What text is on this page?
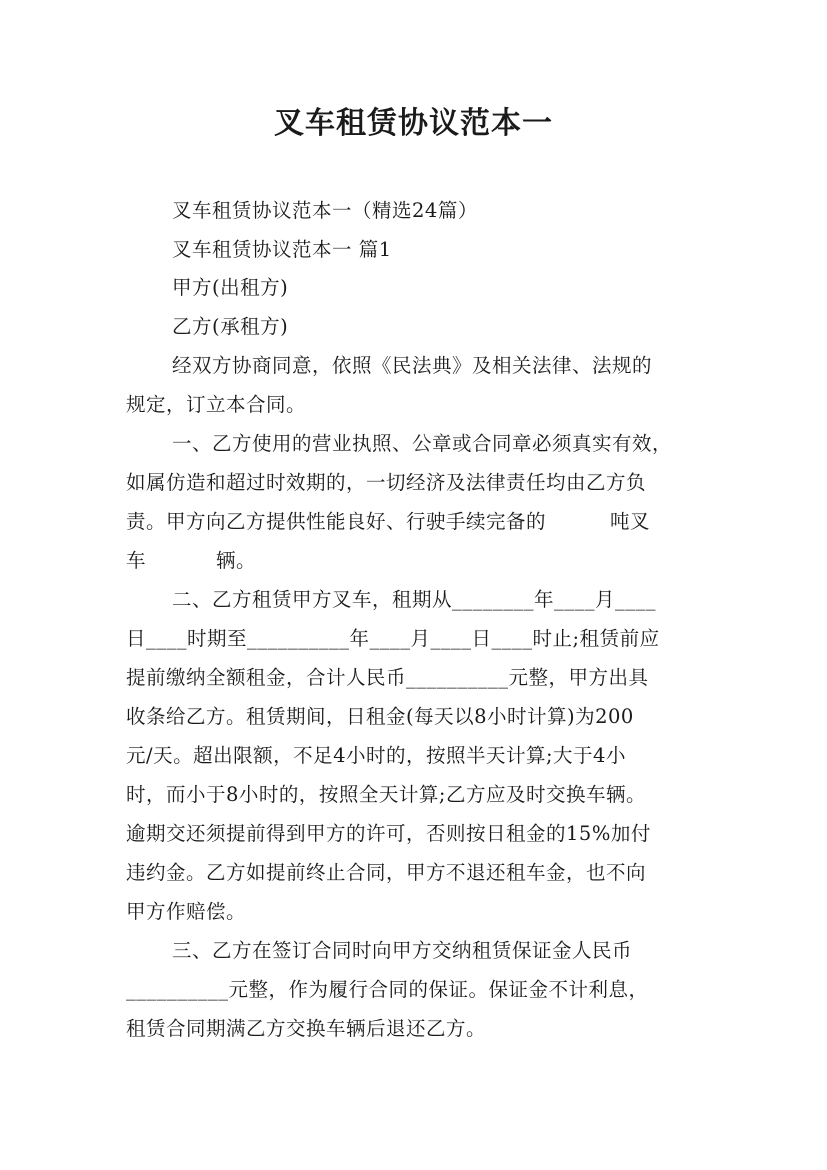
叉车租赁协议范本一
叉车租赁协议范本一（精选24篇）
叉车租赁协议范本一 篇1
甲方(出租方)
乙方(承租方)
经双方协商同意，依照《民法典》及相关法律、法规的
规定，订立本合同。
一、乙方使用的营业执照、公章或合同章必须真实有效，
如属仿造和超过时效期的，一切经济及法律责任均由乙方负
责。甲方向乙方提供性能良好、行驶手续完备的	吨叉
车	辆。
二、乙方租赁甲方叉车，租期从________年____月____
日____时期至__________年____月____日____时止;租赁前应
提前缴纳全额租金，合计人民币__________元整，甲方出具
收条给乙方。租赁期间，日租金(每天以8小时计算)为200
元/天。超出限额，不足4小时的，按照半天计算;大于4小
时，而小于8小时的，按照全天计算;乙方应及时交换车辆。
逾期交还须提前得到甲方的许可，否则按日租金的15%加付
违约金。乙方如提前终止合同，甲方不退还租车金，也不向
甲方作赔偿。
三、乙方在签订合同时向甲方交纳租赁保证金人民币
__________元整，作为履行合同的保证。保证金不计利息，
租赁合同期满乙方交换车辆后退还乙方。
